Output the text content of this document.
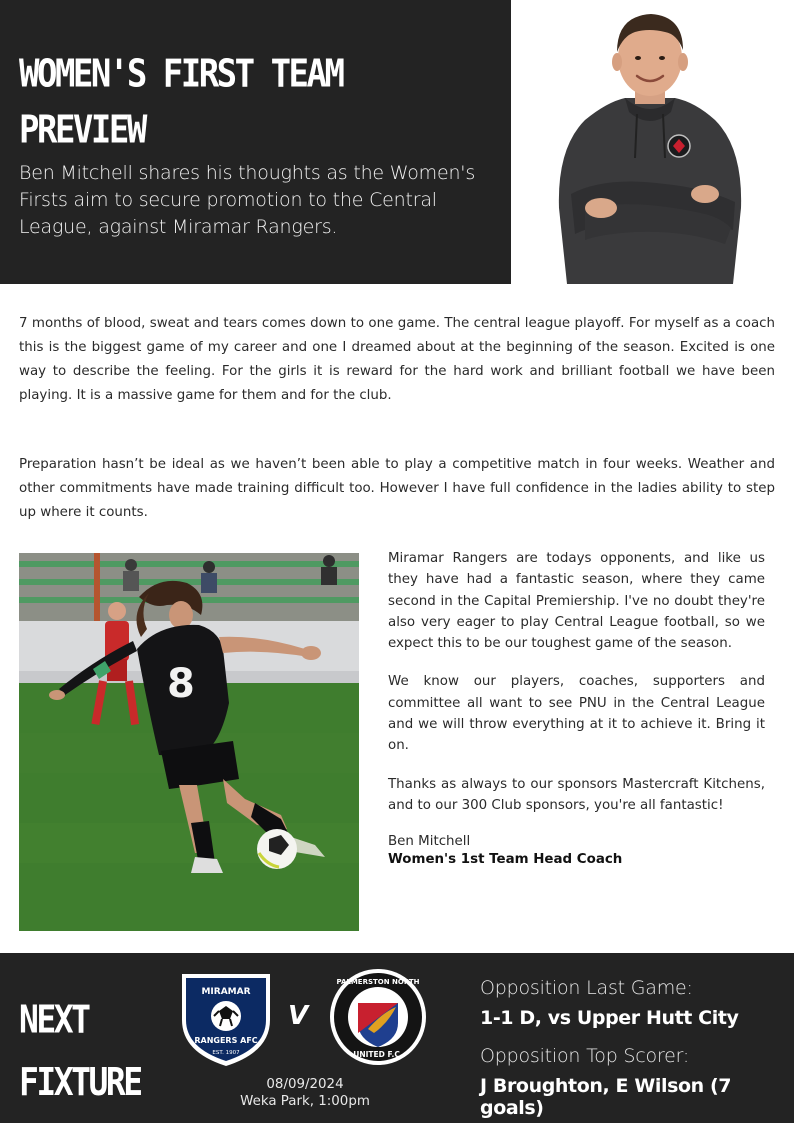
WOMEN'S FIRST TEAM
PREVIEW
Ben Mitchell shares his thoughts as the Women's Firsts aim to secure promotion to the Central League, against Miramar Rangers.

7 months of blood, sweat and tears comes down to one game. The central league playoff. For myself as a coach this is the biggest game of my career and one I dreamed about at the beginning of the season. Excited is one way to describe the feeling. For the girls it is reward for the hard work and brilliant football we have been playing. It is a massive game for them and for the club.

Preparation hasn’t be ideal as we haven’t been able to play a competitive match in four weeks. Weather and other commitments have made training difficult too. However I have full confidence in the ladies ability to step up where it counts.

8

Miramar Rangers are todays opponents, and like us they have had a fantastic season, where they came second in the Capital Premiership. I've no doubt they're also very eager to play Central League football, so we expect this to be our toughest game of the season.

We know our players, coaches, supporters and committee all want to see PNU in the Central League and we will throw everything at it to achieve it. Bring it on.

Thanks as always to our sponsors Mastercraft Kitchens, and to our 300 Club sponsors, you're all fantastic!

Ben Mitchell
Women's 1st Team Head Coach
NEXT
FIXTURE
MIRAMAR
RANGERS AFC
EST. 1907
V
PALMERSTON NORTH
UNITED F.C.
08/09/2024
Weka Park, 1:00pm
Opposition Last Game:
1-1 D, vs Upper Hutt City
Opposition Top Scorer:
J Broughton, E Wilson (7 goals)
